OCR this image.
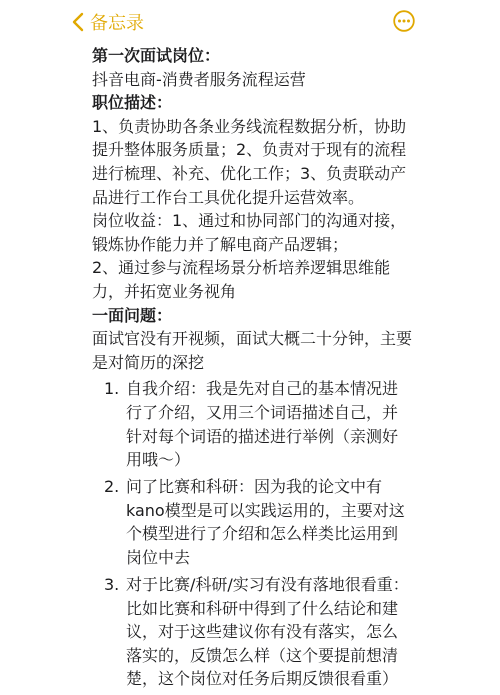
备忘录

第一次面试岗位：

抖音电商-消费者服务流程运营

职位描述：

1、负责协助各条业务线流程数据分析，协助提升整体服务质量；2、负责对于现有的流程进行梳理、补充、优化工作；3、负责联动产品进行工作台工具优化提升运营效率。

岗位收益：1、通过和协同部门的沟通对接，锻炼协作能力并了解电商产品逻辑；

2、通过参与流程场景分析培养逻辑思维能力，并拓宽业务视角

一面问题：

面试官没有开视频，面试大概二十分钟，主要是对简历的深挖

1. 自我介绍：我是先对自己的基本情况进行了介绍，又用三个词语描述自己，并针对每个词语的描述进行举例（亲测好用哦～）
2. 问了比赛和科研：因为我的论文中有kano模型是可以实践运用的，主要对这个模型进行了介绍和怎么样类比运用到岗位中去
3. 对于比赛/科研/实习有没有落地很看重：比如比赛和科研中得到了什么结论和建议，对于这些建议你有没有落实，怎么落实的，反馈怎么样（这个要提前想清楚，这个岗位对任务后期反馈很看重）
